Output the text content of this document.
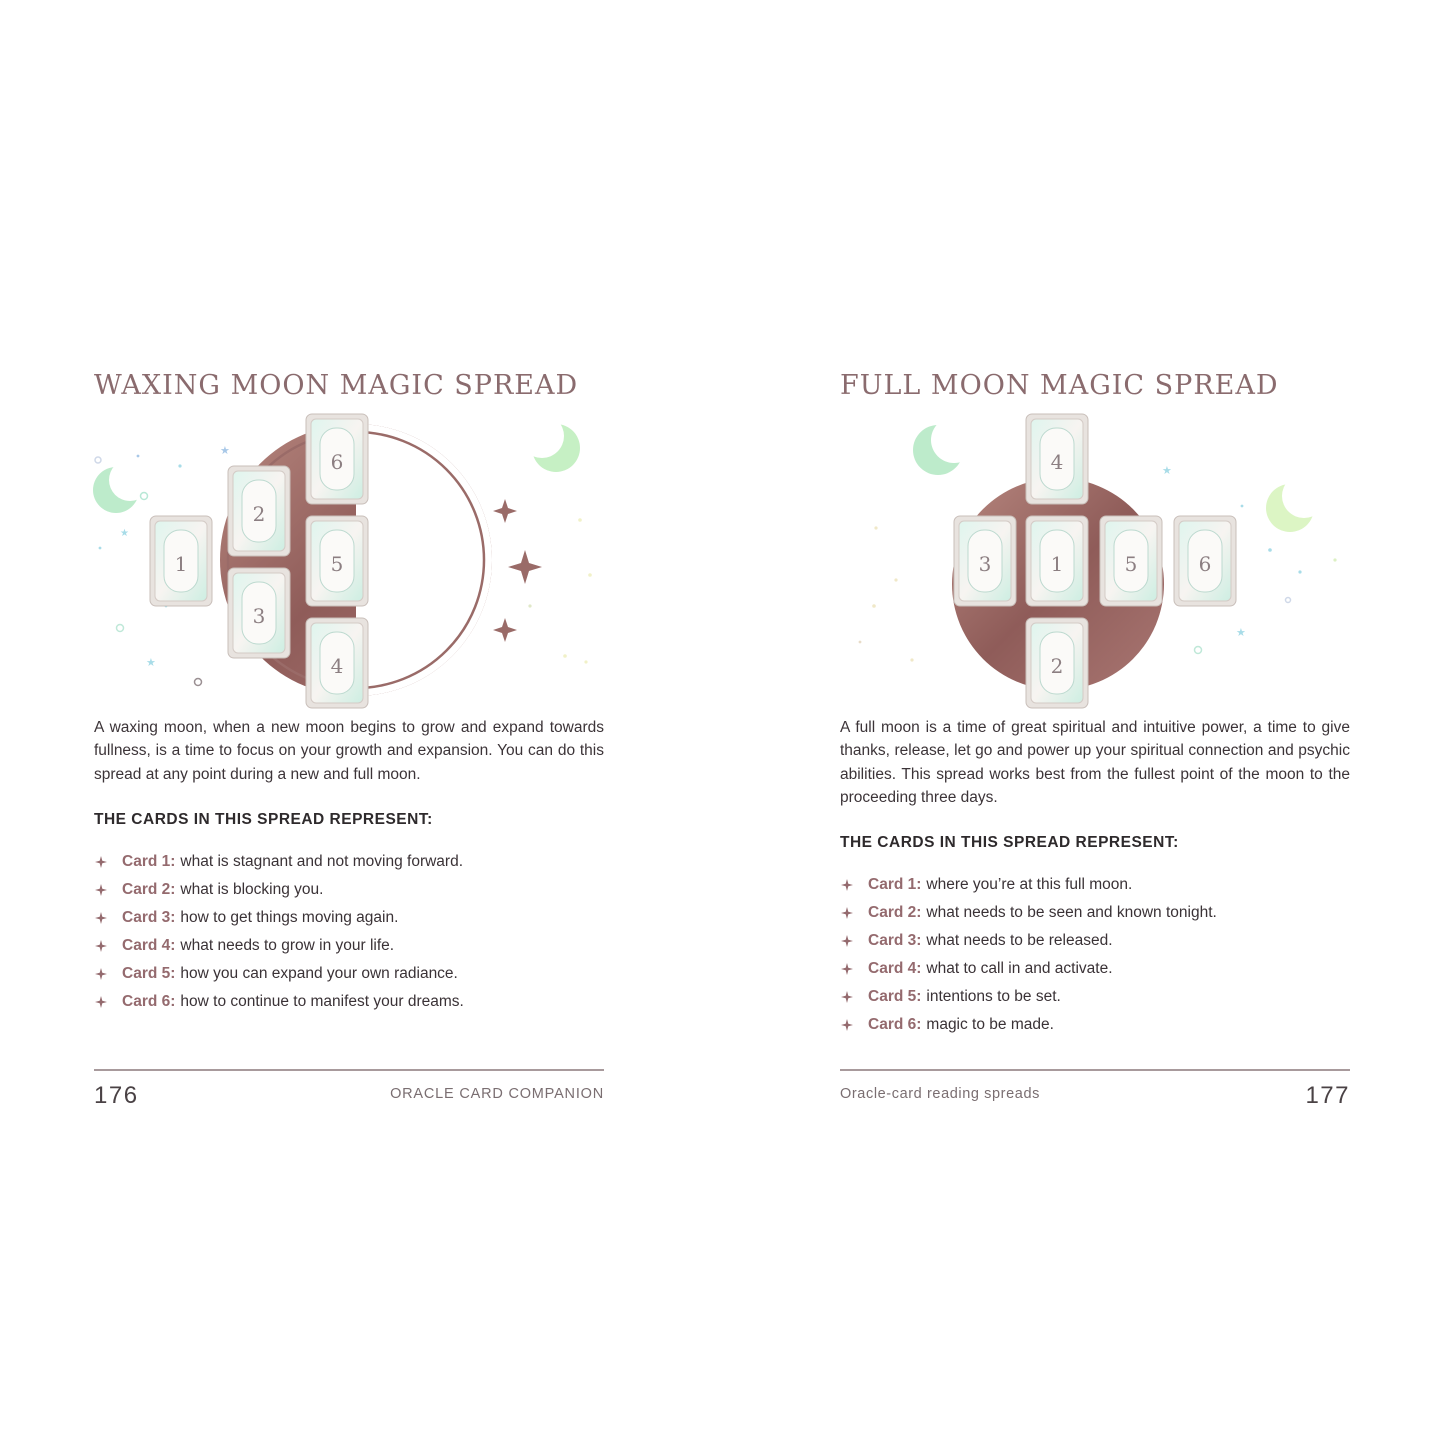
WAXING MOON MAGIC SPREAD
★
★
★
1
2
3
4
5
6

A waxing moon, when a new moon begins to grow and expand towards fullness, is a time to focus on your growth and expansion. You can do this spread at any point during a new and full moon.

THE CARDS IN THIS SPREAD REPRESENT:
Card 1: what is stagnant and not moving forward.
Card 2: what is blocking you.
Card 3: how to get things moving again.
Card 4: what needs to grow in your life.
Card 5: how you can expand your own radiance.
Card 6: how to continue to manifest your dreams.
176	ORACLE CARD COMPANION
FULL MOON MAGIC SPREAD
★
★
4
3	1	5	6
2

A full moon is a time of great spiritual and intuitive power, a time to give thanks, release, let go and power up your spiritual connection and psychic abilities. This spread works best from the fullest point of the moon to the proceeding three days.

THE CARDS IN THIS SPREAD REPRESENT:
Card 1: where you’re at this full moon.
Card 2: what needs to be seen and known tonight.
Card 3: what needs to be released.
Card 4: what to call in and activate.
Card 5: intentions to be set.
Card 6: magic to be made.
Oracle-card reading spreads	177
